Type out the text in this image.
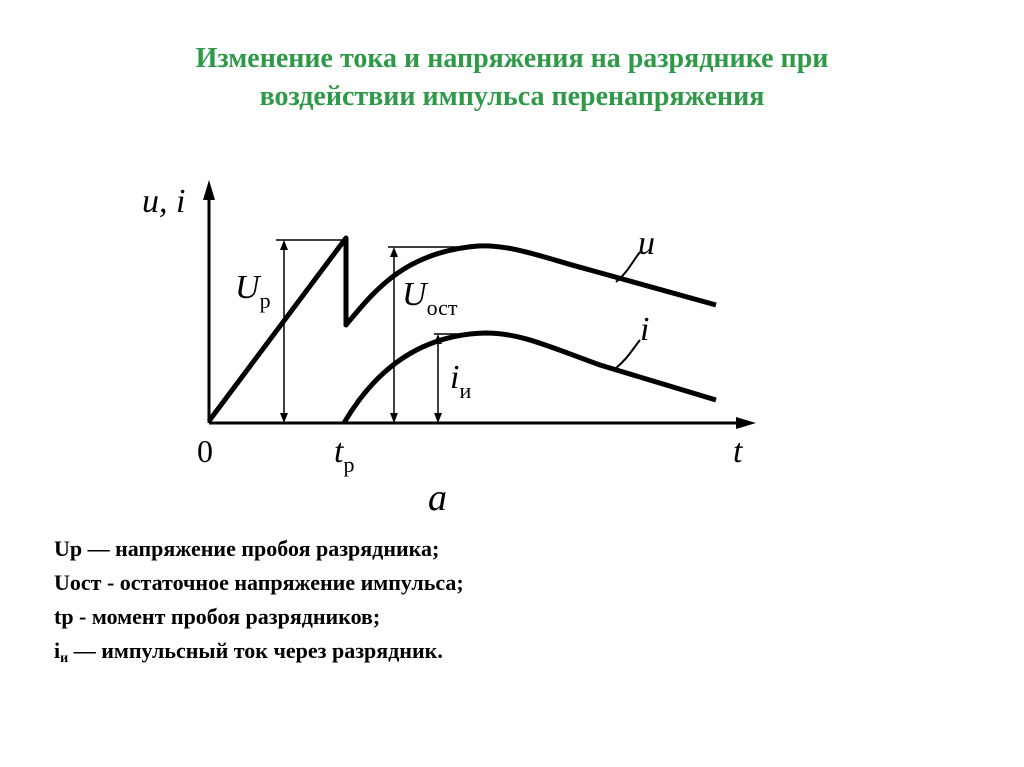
Изменение тока и напряжения на разряднике при
воздействии импульса перенапряжения
u, i
t
0	$t_р$
$U_р$	$U_{ост}$
$i_и$
u
i
a
Uр — напряжение пробоя разрядника;
Uост - остаточное напряжение импульса;
tр - момент пробоя разрядников;
$i_и$ — импульсный ток через разрядник.
